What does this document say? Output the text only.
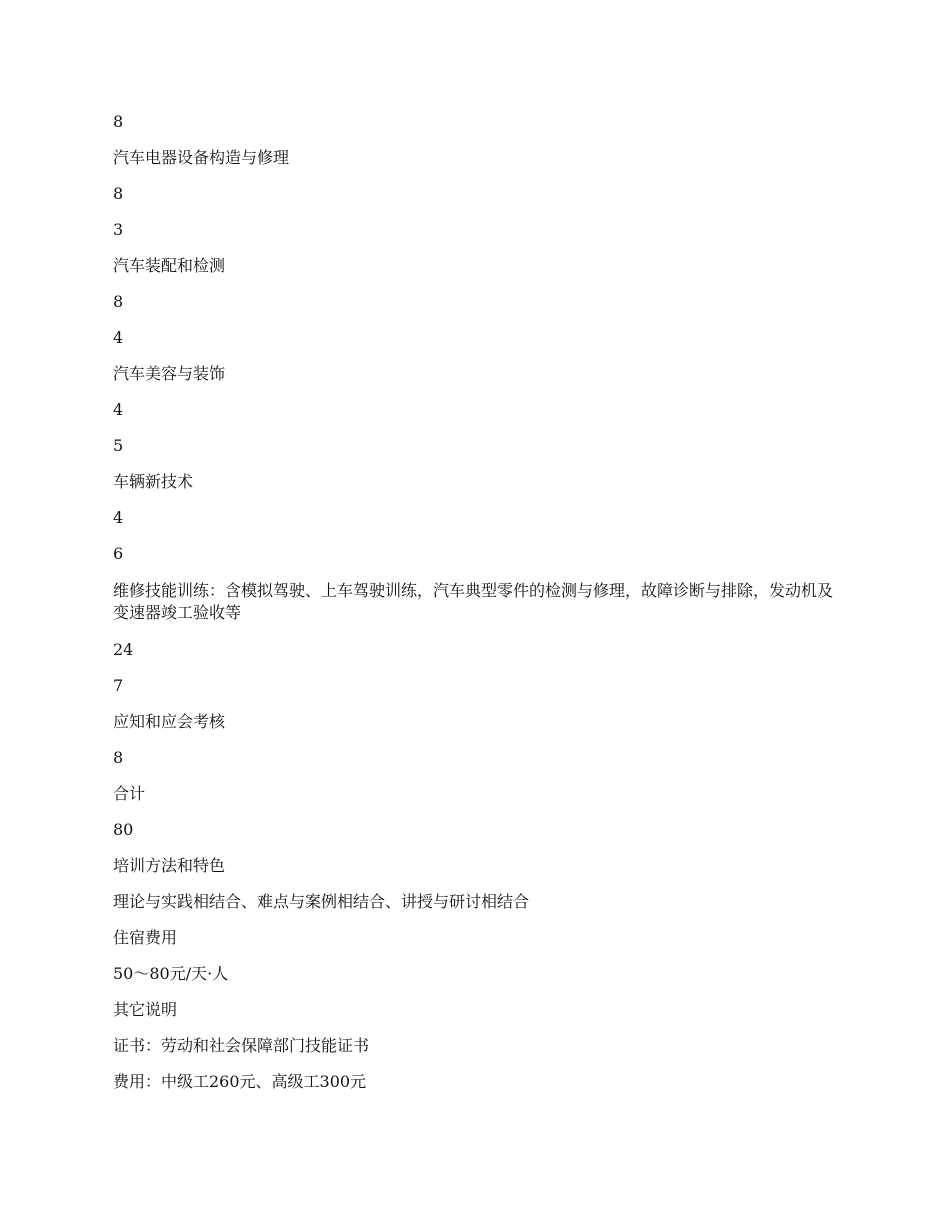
8

汽车电器设备构造与修理

8

3

汽车装配和检测

8

4

汽车美容与装饰

4

5

车辆新技术

4

6

维修技能训练：含模拟驾驶、上车驾驶训练，汽车典型零件的检测与修理，故障诊断与排除，发动机及变速器竣工验收等

24

7

应知和应会考核

8

合计

80

培训方法和特色

理论与实践相结合、难点与案例相结合、讲授与研讨相结合

住宿费用

50～80元/天·人

其它说明

证书：劳动和社会保障部门技能证书

费用：中级工260元、高级工300元
